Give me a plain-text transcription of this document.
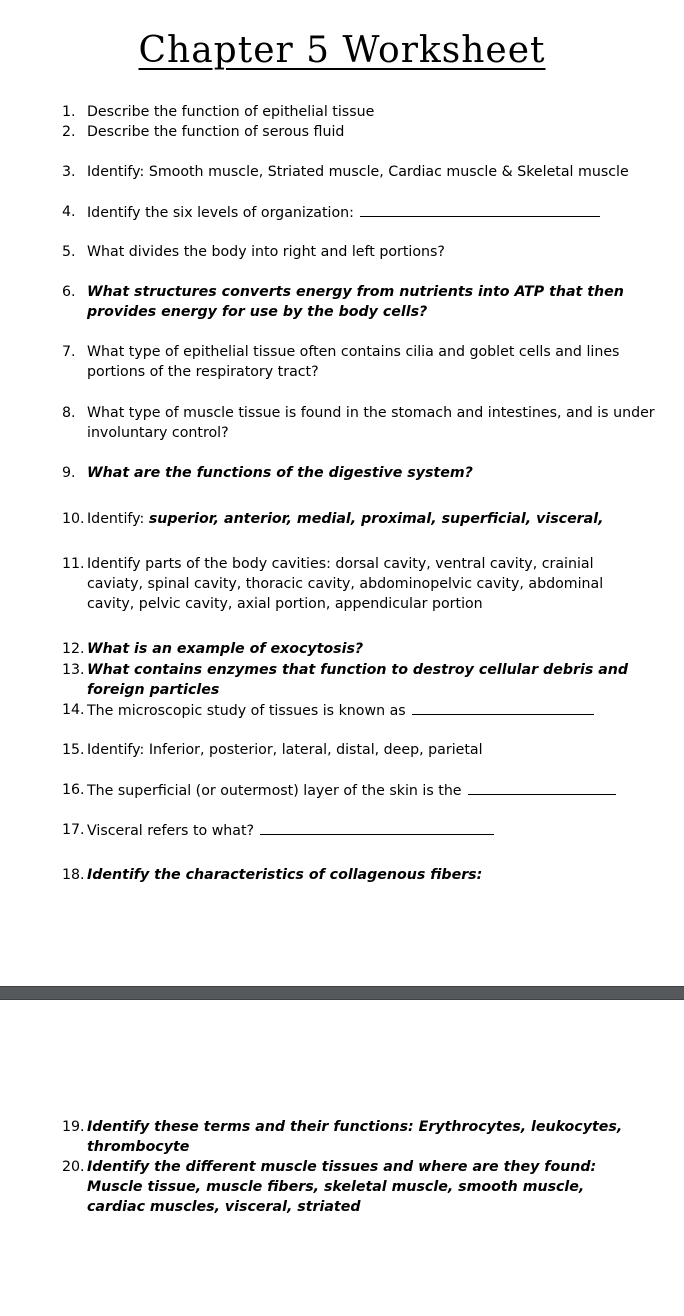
Chapter 5 Worksheet
1. Describe the function of epithelial tissue
2. Describe the function of serous fluid
3. Identify: Smooth muscle, Striated muscle, Cardiac muscle & Skeletal muscle
4. Identify the six levels of organization:
5. What divides the body into right and left portions?
6. What structures converts energy from nutrients into ATP that then provides energy for use by the body cells?
7. What type of epithelial tissue often contains cilia and goblet cells and lines portions of the respiratory tract?
8. What type of muscle tissue is found in the stomach and intestines, and is under involuntary control?
9. What are the functions of the digestive system?
10. Identify: superior, anterior, medial, proximal, superficial, visceral,
11. Identify parts of the body cavities: dorsal cavity, ventral cavity, crainial caviaty, spinal cavity, thoracic cavity, abdominopelvic cavity, abdominal cavity, pelvic cavity, axial portion, appendicular portion
12. What is an example of exocytosis?
13. What contains enzymes that function to destroy cellular debris and foreign particles
14. The microscopic study of tissues is known as
15. Identify: Inferior, posterior, lateral, distal, deep, parietal
16. The superficial (or outermost) layer of the skin is the
17. Visceral refers to what?
18. Identify the characteristics of collagenous fibers:
19. Identify these terms and their functions: Erythrocytes, leukocytes, thrombocyte
20. Identify the different muscle tissues and where are they found: Muscle tissue, muscle fibers, skeletal muscle, smooth muscle, cardiac muscles, visceral, striated
